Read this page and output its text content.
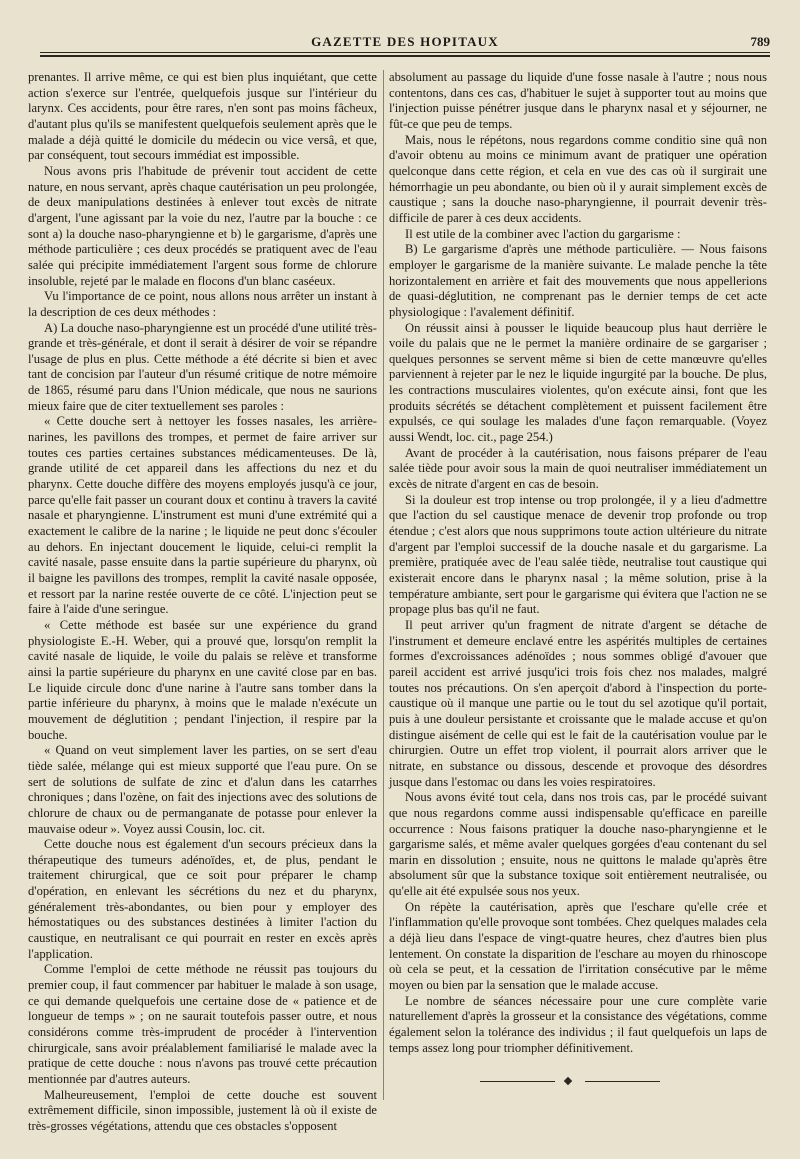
GAZETTE DES HOPITAUX	789

prenantes. Il arrive même, ce qui est bien plus inquiétant, que cette action s'exerce sur l'entrée, quelquefois jusque sur l'intérieur du larynx. Ces accidents, pour être rares, n'en sont pas moins fâcheux, d'autant plus qu'ils se manifestent quelquefois seulement après que le malade a déjà quitté le domicile du médecin ou vice versâ, et que, par conséquent, tout secours immédiat est impossible.

Nous avons pris l'habitude de prévenir tout accident de cette nature, en nous servant, après chaque cautérisation un peu prolongée, de deux manipulations destinées à enlever tout excès de nitrate d'argent, l'une agissant par la voie du nez, l'autre par la bouche : ce sont a) la douche naso-pharyngienne et b) le gargarisme, d'après une méthode particulière ; ces deux procédés se pratiquent avec de l'eau salée qui précipite immédiatement l'argent sous forme de chlorure insoluble, rejeté par le malade en flocons d'un blanc caséeux.

Vu l'importance de ce point, nous allons nous arrêter un instant à la description de ces deux méthodes :

A) La douche naso-pharyngienne est un procédé d'une utilité très-grande et très-générale, et dont il serait à désirer de voir se répandre l'usage de plus en plus. Cette méthode a été décrite si bien et avec tant de concision par l'auteur d'un résumé critique de notre mémoire de 1865, résumé paru dans l'Union médicale, que nous ne saurions mieux faire que de citer textuellement ses paroles :

« Cette douche sert à nettoyer les fosses nasales, les arrière-narines, les pavillons des trompes, et permet de faire arriver sur toutes ces parties certaines substances médicamenteuses. De là, grande utilité de cet appareil dans les affections du nez et du pharynx. Cette douche diffère des moyens employés jusqu'à ce jour, parce qu'elle fait passer un courant doux et continu à travers la cavité nasale et pharyngienne. L'instrument est muni d'une extrémité qui a exactement le calibre de la narine ; le liquide ne peut donc s'écouler au dehors. En injectant doucement le liquide, celui-ci remplit la cavité nasale, passe ensuite dans la partie supérieure du pharynx, où il baigne les pavillons des trompes, remplit la cavité nasale opposée, et ressort par la narine restée ouverte de ce côté. L'injection peut se faire à l'aide d'une seringue.

« Cette méthode est basée sur une expérience du grand physiologiste E.-H. Weber, qui a prouvé que, lorsqu'on remplit la cavité nasale de liquide, le voile du palais se relève et transforme ainsi la partie supérieure du pharynx en une cavité close par en bas. Le liquide circule donc d'une narine à l'autre sans tomber dans la partie inférieure du pharynx, à moins que le malade n'exécute un mouvement de déglutition ; pendant l'injection, il respire par la bouche.

« Quand on veut simplement laver les parties, on se sert d'eau tiède salée, mélange qui est mieux supporté que l'eau pure. On se sert de solutions de sulfate de zinc et d'alun dans les catarrhes chroniques ; dans l'ozène, on fait des injections avec des solutions de chlorure de chaux ou de permanganate de potasse pour enlever la mauvaise odeur ». Voyez aussi Cousin, loc. cit.

Cette douche nous est également d'un secours précieux dans la thérapeutique des tumeurs adénoïdes, et, de plus, pendant le traitement chirurgical, que ce soit pour préparer le champ d'opération, en enlevant les sécrétions du nez et du pharynx, généralement très-abondantes, ou bien pour y employer des hémostatiques ou des substances destinées à limiter l'action du caustique, en neutralisant ce qui pourrait en rester en excès après l'application.

Comme l'emploi de cette méthode ne réussit pas toujours du premier coup, il faut commencer par habituer le malade à son usage, ce qui demande quelquefois une certaine dose de « patience et de longueur de temps » ; on ne saurait toutefois passer outre, et nous considérons comme très-imprudent de procéder à l'intervention chirurgicale, sans avoir préalablement familiarisé le malade avec la pratique de cette douche : nous n'avons pas trouvé cette précaution mentionnée par d'autres auteurs.

Malheureusement, l'emploi de cette douche est souvent extrêmement difficile, sinon impossible, justement là où il existe de très-grosses végétations, attendu que ces obstacles s'opposent

absolument au passage du liquide d'une fosse nasale à l'autre ; nous nous contentons, dans ces cas, d'habituer le sujet à supporter tout au moins que l'injection puisse pénétrer jusque dans le pharynx nasal et y séjourner, ne fût-ce que peu de temps.

Mais, nous le répétons, nous regardons comme conditio sine quâ non d'avoir obtenu au moins ce minimum avant de pratiquer une opération quelconque dans cette région, et cela en vue des cas où il surgirait une hémorrhagie un peu abondante, ou bien où il y aurait simplement excès de caustique ; sans la douche naso-pharyngienne, il pourrait devenir très-difficile de parer à ces deux accidents.

Il est utile de la combiner avec l'action du gargarisme :

B) Le gargarisme d'après une méthode particulière. — Nous faisons employer le gargarisme de la manière suivante. Le malade penche la tête horizontalement en arrière et fait des mouvements que nous appellerions de quasi-déglutition, ne comprenant pas le dernier temps de cet acte physiologique : l'avalement définitif.

On réussit ainsi à pousser le liquide beaucoup plus haut derrière le voile du palais que ne le permet la manière ordinaire de se gargariser ; quelques personnes se servent même si bien de cette manœuvre qu'elles parviennent à rejeter par le nez le liquide ingurgité par la bouche. De plus, les contractions musculaires violentes, qu'on exécute ainsi, font que les produits sécrétés se détachent complètement et puissent facilement être expulsés, ce qui soulage les malades d'une façon remarquable. (Voyez aussi Wendt, loc. cit., page 254.)

Avant de procéder à la cautérisation, nous faisons préparer de l'eau salée tiède pour avoir sous la main de quoi neutraliser immédiatement un excès de nitrate d'argent en cas de besoin.

Si la douleur est trop intense ou trop prolongée, il y a lieu d'admettre que l'action du sel caustique menace de devenir trop profonde ou trop étendue ; c'est alors que nous supprimons toute action ultérieure du nitrate d'argent par l'emploi successif de la douche nasale et du gargarisme. La première, pratiquée avec de l'eau salée tiède, neutralise tout caustique qui existerait encore dans le pharynx nasal ; la même solution, prise à la température ambiante, sert pour le gargarisme qui évitera que l'action ne se propage plus bas qu'il ne faut.

Il peut arriver qu'un fragment de nitrate d'argent se détache de l'instrument et demeure enclavé entre les aspérités multiples de certaines formes d'excroissances adénoïdes ; nous sommes obligé d'avouer que pareil accident est arrivé jusqu'ici trois fois chez nos malades, malgré toutes nos précautions. On s'en aperçoit d'abord à l'inspection du porte-caustique où il manque une partie ou le tout du sel azotique qu'il portait, puis à une douleur persistante et croissante que le malade accuse et qu'on distingue aisément de celle qui est le fait de la cautérisation voulue par le chirurgien. Outre un effet trop violent, il pourrait alors arriver que le nitrate, en substance ou dissous, descende et provoque des désordres jusque dans l'estomac ou dans les voies respiratoires.

Nous avons évité tout cela, dans nos trois cas, par le procédé suivant que nous regardons comme aussi indispensable qu'efficace en pareille occurrence : Nous faisons pratiquer la douche naso-pharyngienne et le gargarisme salés, et même avaler quelques gorgées d'eau contenant du sel marin en dissolution ; ensuite, nous ne quittons le malade qu'après être absolument sûr que la substance toxique soit entièrement neutralisée, ou qu'elle ait été expulsée sous nos yeux.

On répète la cautérisation, après que l'eschare qu'elle crée et l'inflammation qu'elle provoque sont tombées. Chez quelques malades cela a déjà lieu dans l'espace de vingt-quatre heures, chez d'autres bien plus lentement. On constate la disparition de l'eschare au moyen du rhinoscope où cela se peut, et la cessation de l'irritation consécutive par le même moyen ou bien par la sensation que le malade accuse.

Le nombre de séances nécessaire pour une cure complète varie naturellement d'après la grosseur et la consistance des végétations, comme également selon la tolérance des individus ; il faut quelquefois un laps de temps assez long pour triompher définitivement.
